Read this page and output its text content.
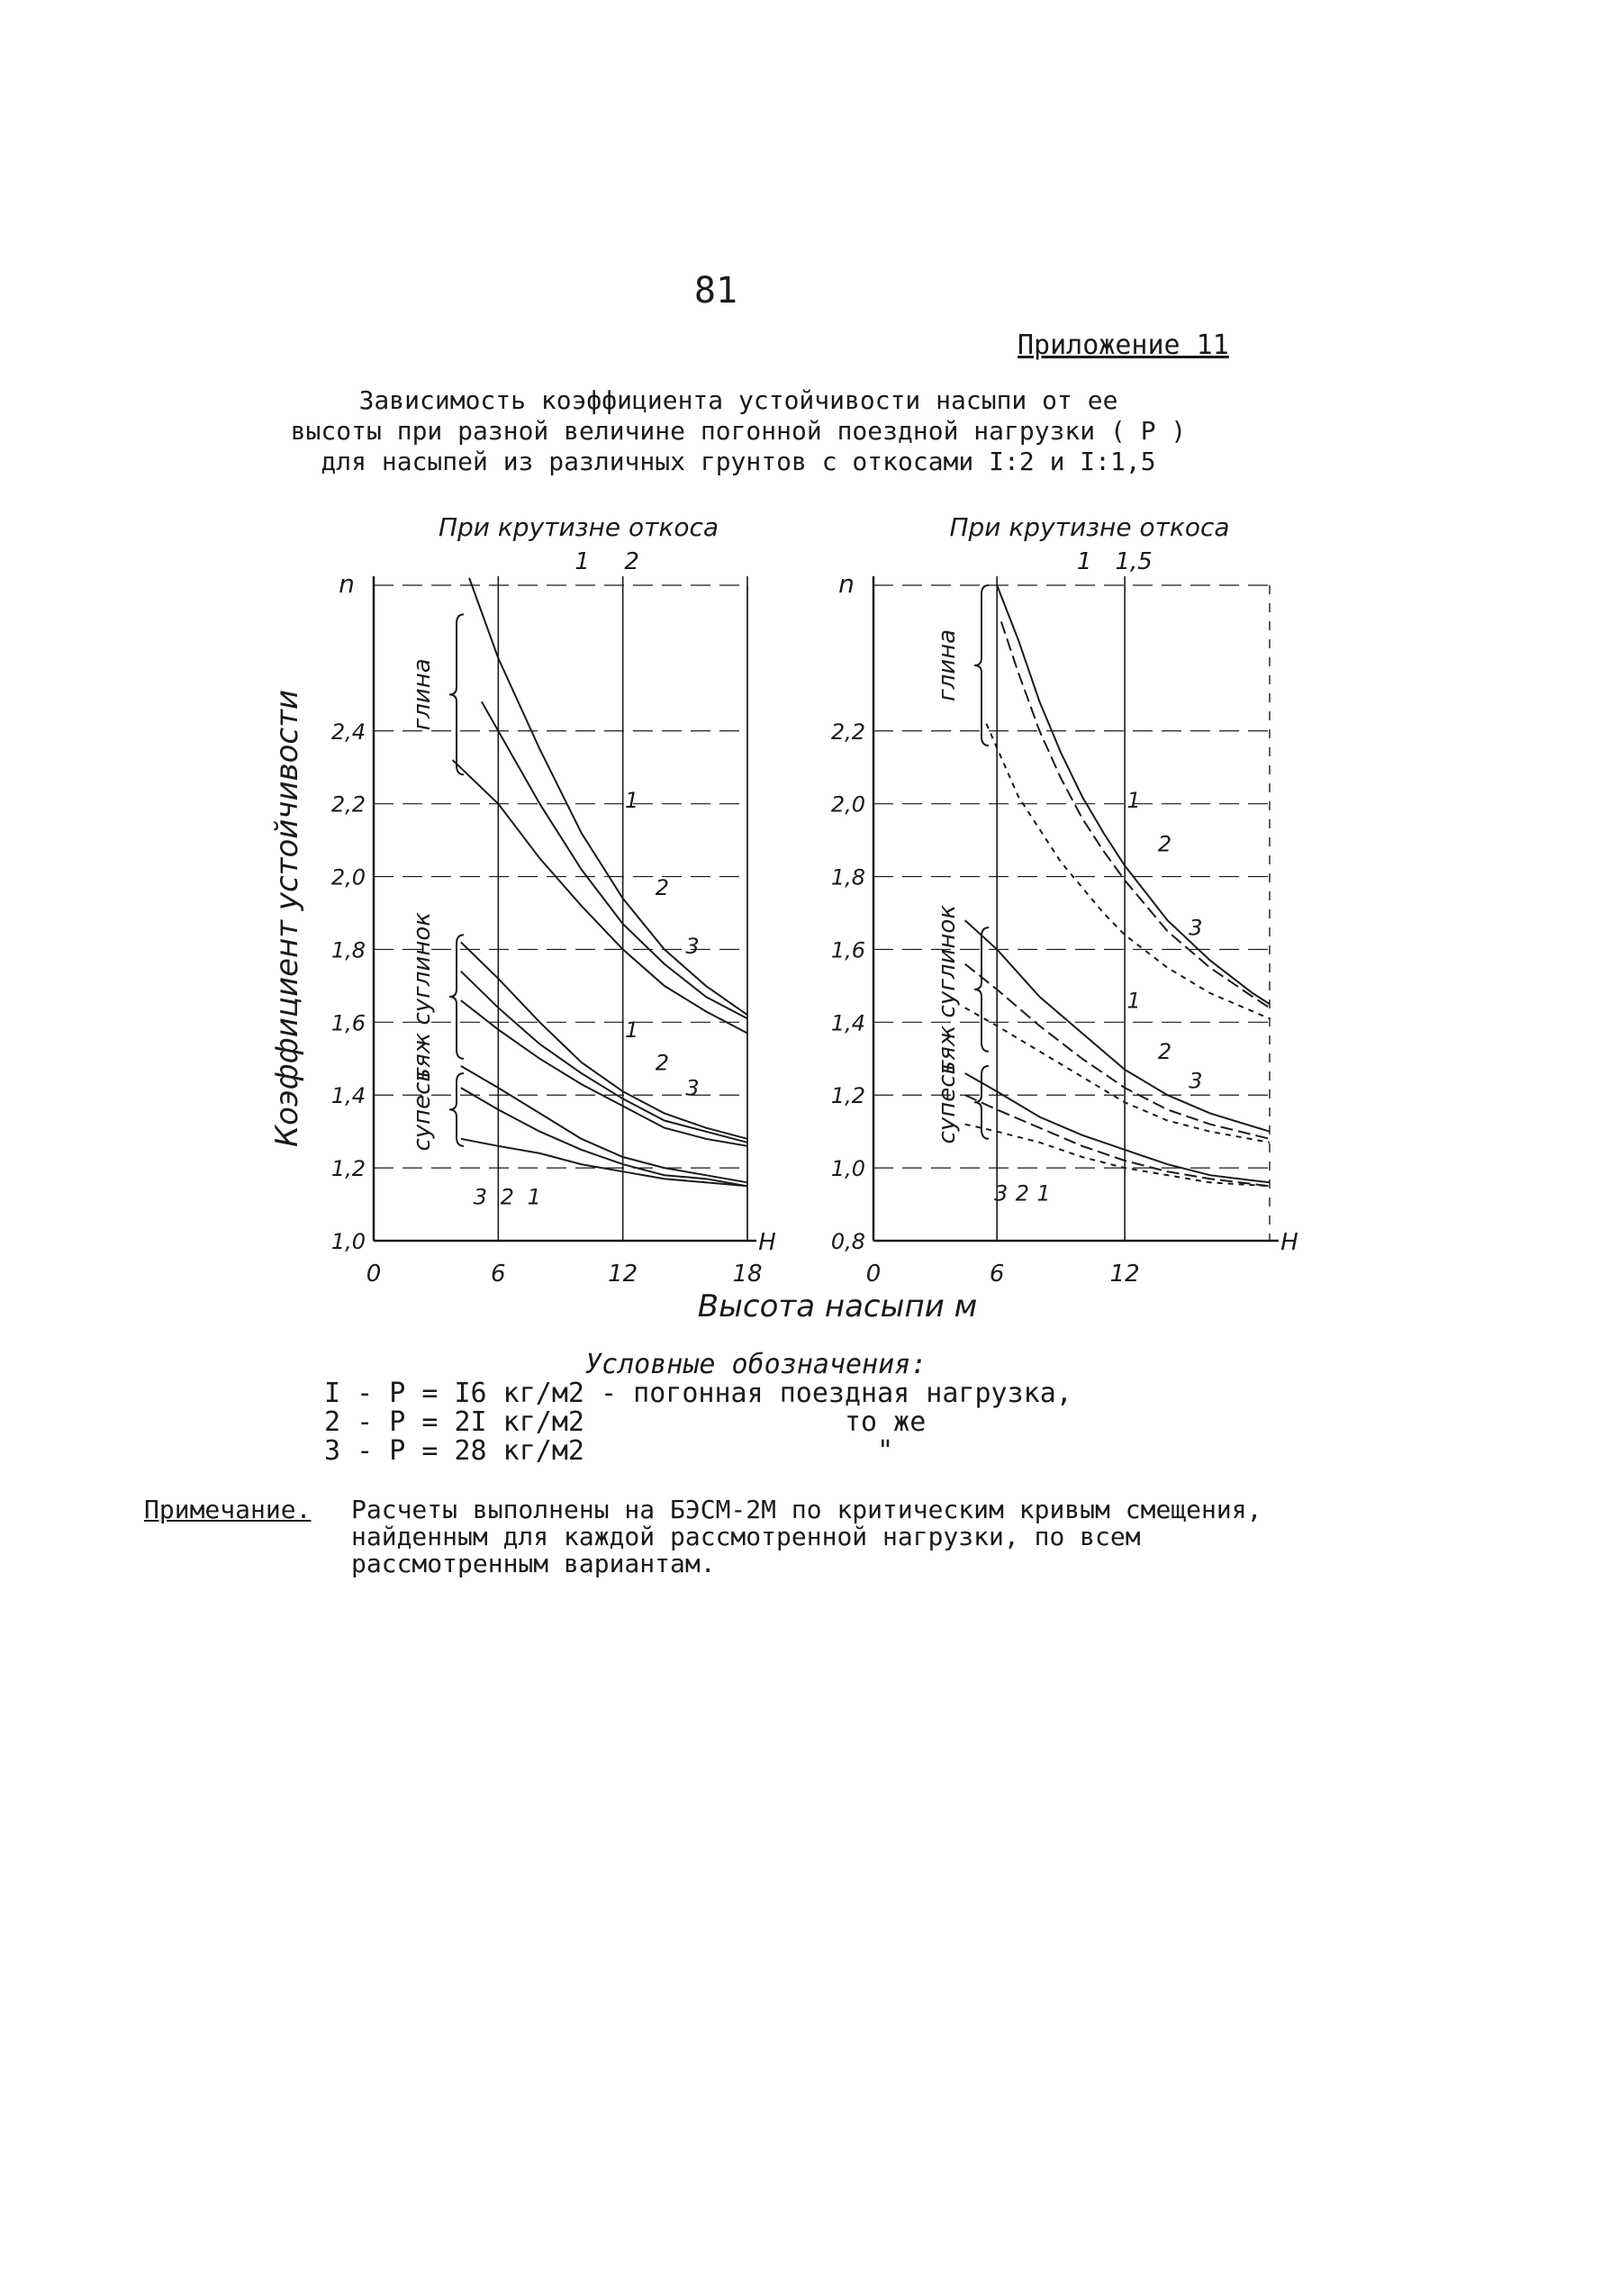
81
Приложение 11
Зависимость коэффициента устойчивости насыпи от ее
высоты при разной величине погонной поездной нагрузки ( P )
для насыпей из различных грунтов с откосами I:2 и I:1,5
1,0
1,2
1,4
1,6
1,8
2,0
2,2
2,4
n
H
0	6	12	18
При крутизне откоса
1 2
1
2
3
глина
1
2
3
тяж суглинок
3 2 1
супесь
0,8
1,0
1,2
1,4
1,6
1,8
2,0
2,2
n
H
0	6	12
При крутизне откоса
1 1,5
1
2
3
глина
1
2
3
тяж суглинок
3 2 1
супесь
Коэффициент устойчивости
Высота насыпи м
Условные обозначения:
I - P = I6 кг/м2 - погонная поездная нагрузка,
2 - P = 2I кг/м2                то же
3 - P = 28 кг/м2                  "
Примечание. Расчеты выполнены на БЭСМ-2М по критическим кривым смещения, найденным для каждой рассмотренной нагрузки, по всем рассмотренным вариантам.
